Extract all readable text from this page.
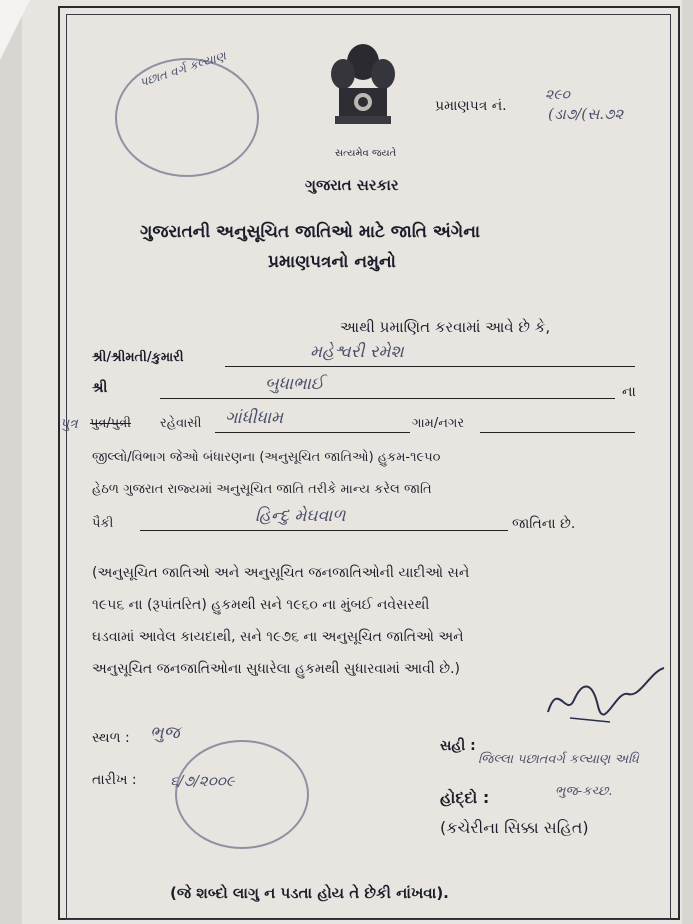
પછાત વર્ગ કલ્યાણ
સત્યમેવ જયતે
પ્રમાણપત્ર નં.
૨૯૦
(ડા૭/(સ.૭૨
ગુજરાત સરકાર
ગુજરાતની અનુસૂચિત જાતિઓ માટે જાતિ અંગેના
પ્રમાણપત્રનો નમુનો
આથી પ્રમાણિત કરવામાં આવે છે કે,
શ્રી/શ્રીમતી/કુમારી	મહેશ્વરી રમેશ
શ્રી	બુધાભાઈ	ના
પુત્ર પુત્ર/પુત્રી રહેવાસી ગાંધીધામ	ગામ/નગર
જીલ્લો/વિભાગ જેઓ બંધારણના (અનુસૂચિત જાતિઓ) હુકમ-૧૯૫૦
હેઠળ ગુજરાત રાજ્યમાં અનુસૂચિત જાતિ તરીકે માન્ય કરેલ જાતિ
પૈકી	હિન્દુ મેઘવાળ	જાતિના છે.
(અનુસૂચિત જાતિઓ અને અનુસૂચિત જનજાતિઓની યાદીઓ સને
૧૯૫૬ ના (રૂપાંતરિત) હુકમથી સને ૧૯૬૦ ના મુંબઈ નવેસરથી
ઘડવામાં આવેલ કાયદાથી, સને ૧૯૭૬ ના અનુસૂચિત જાતિઓ અને
અનુસૂચિત જનજાતિઓના સુધારેલા હુકમથી સુધારવામાં આવી છે.)
સ્થળ : ભુજ
તારીખ : ૬/૭/૨૦૦૯
સહી :
જિલ્લા પછાતવર્ગ કલ્યાણ અધિ
ભુજ-કચ્છ.
હોદ્દો :
(કચેરીના સિક્કા સહિત)
(જે શબ્દો લાગુ ન પડતા હોય તે છેકી નાંખવા).
